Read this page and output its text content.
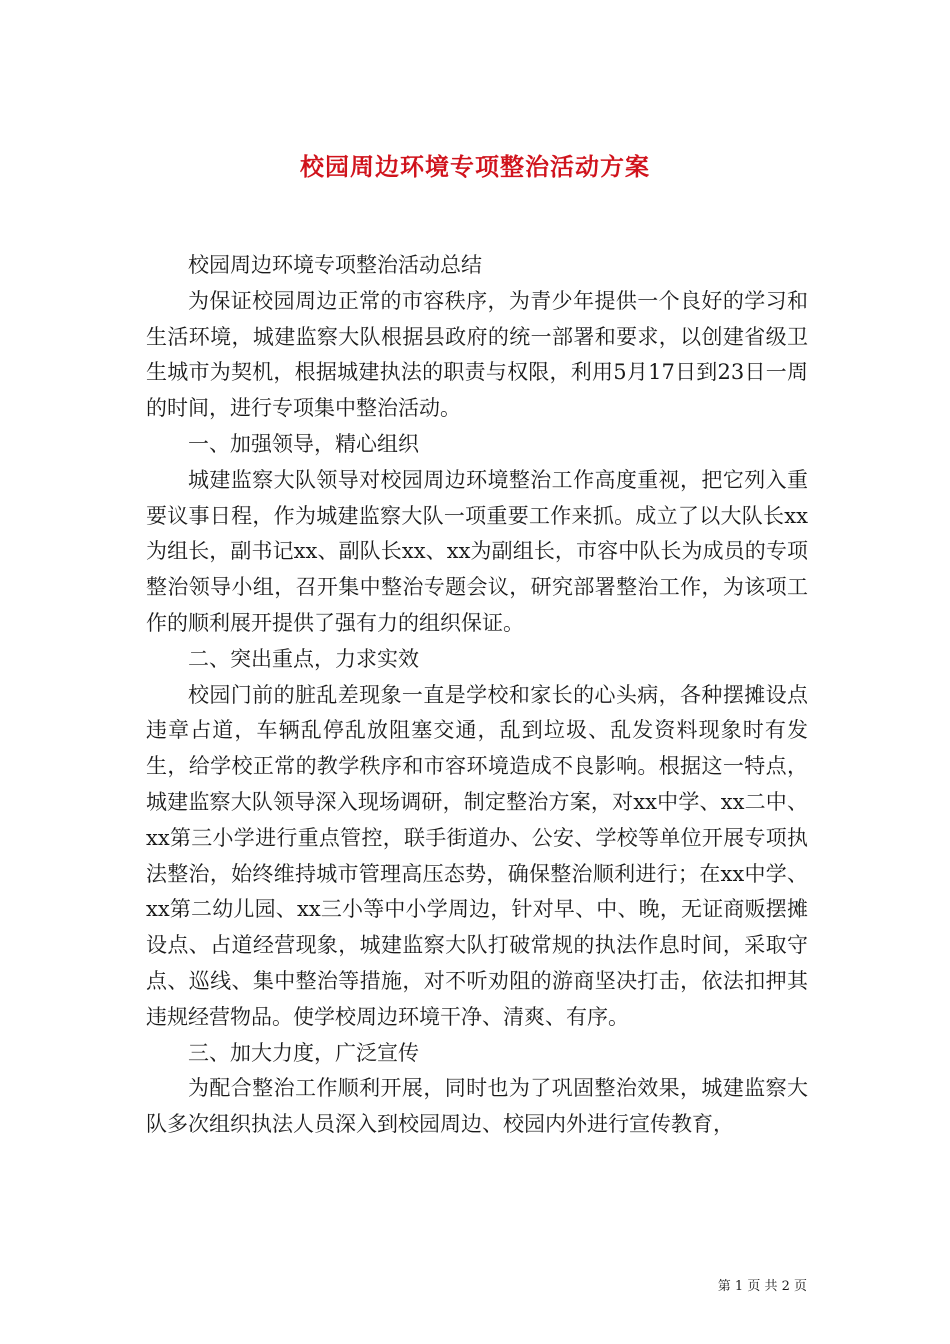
校园周边环境专项整治活动方案

校园周边环境专项整治活动总结

为保证校园周边正常的市容秩序，为青少年提供一个良好的学习和生活环境，城建监察大队根据县政府的统一部署和要求，以创建省级卫生城市为契机，根据城建执法的职责与权限，利用5月17日到23日一周的时间，进行专项集中整治活动。

一、加强领导，精心组织

城建监察大队领导对校园周边环境整治工作高度重视，把它列入重要议事日程，作为城建监察大队一项重要工作来抓。成立了以大队长xx为组长，副书记xx、副队长xx、xx为副组长，市容中队长为成员的专项整治领导小组，召开集中整治专题会议，研究部署整治工作，为该项工作的顺利展开提供了强有力的组织保证。

二、突出重点，力求实效

校园门前的脏乱差现象一直是学校和家长的心头病，各种摆摊设点违章占道，车辆乱停乱放阻塞交通，乱到垃圾、乱发资料现象时有发生，给学校正常的教学秩序和市容环境造成不良影响。根据这一特点，城建监察大队领导深入现场调研，制定整治方案，对xx中学、xx二中、xx第三小学进行重点管控，联手街道办、公安、学校等单位开展专项执法整治，始终维持城市管理高压态势，确保整治顺利进行；在xx中学、xx第二幼儿园、xx三小等中小学周边，针对早、中、晚，无证商贩摆摊设点、占道经营现象，城建监察大队打破常规的执法作息时间，采取守点、巡线、集中整治等措施，对不听劝阻的游商坚决打击，依法扣押其违规经营物品。使学校周边环境干净、清爽、有序。

三、加大力度，广泛宣传

为配合整治工作顺利开展，同时也为了巩固整治效果，城建监察大队多次组织执法人员深入到校园周边、校园内外进行宣传教育，

第 1 页 共 2 页
